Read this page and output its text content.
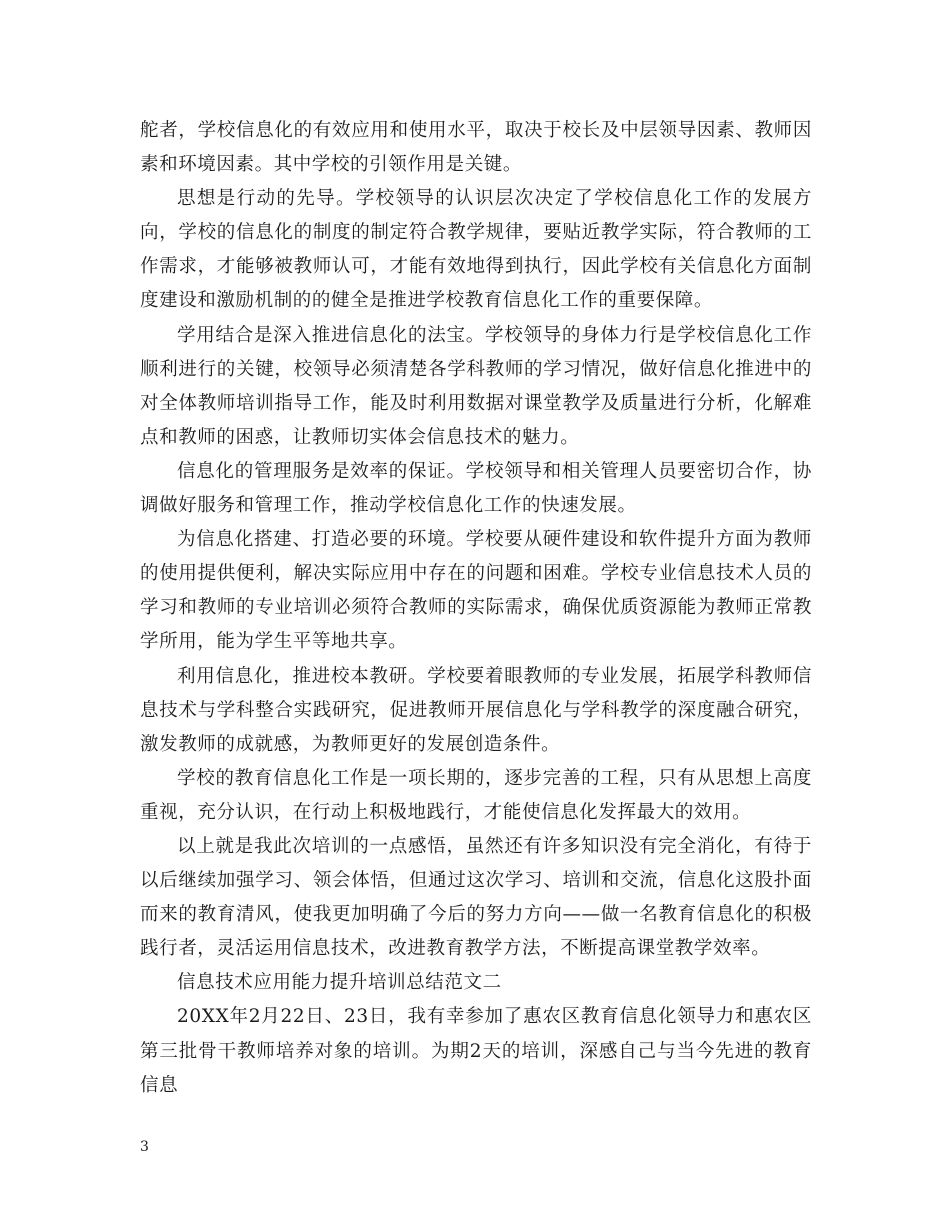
舵者，学校信息化的有效应用和使用水平，取决于校长及中层领导因素、教师因素和环境因素。其中学校的引领作用是关键。

思想是行动的先导。学校领导的认识层次决定了学校信息化工作的发展方向，学校的信息化的制度的制定符合教学规律，要贴近教学实际，符合教师的工作需求，才能够被教师认可，才能有效地得到执行，因此学校有关信息化方面制度建设和激励机制的的健全是推进学校教育信息化工作的重要保障。

学用结合是深入推进信息化的法宝。学校领导的身体力行是学校信息化工作顺利进行的关键，校领导必须清楚各学科教师的学习情况，做好信息化推进中的对全体教师培训指导工作，能及时利用数据对课堂教学及质量进行分析，化解难点和教师的困惑，让教师切实体会信息技术的魅力。

信息化的管理服务是效率的保证。学校领导和相关管理人员要密切合作，协调做好服务和管理工作，推动学校信息化工作的快速发展。

为信息化搭建、打造必要的环境。学校要从硬件建设和软件提升方面为教师的使用提供便利，解决实际应用中存在的问题和困难。学校专业信息技术人员的学习和教师的专业培训必须符合教师的实际需求，确保优质资源能为教师正常教学所用，能为学生平等地共享。

利用信息化，推进校本教研。学校要着眼教师的专业发展，拓展学科教师信息技术与学科整合实践研究，促进教师开展信息化与学科教学的深度融合研究，激发教师的成就感，为教师更好的发展创造条件。

学校的教育信息化工作是一项长期的，逐步完善的工程，只有从思想上高度重视，充分认识，在行动上积极地践行，才能使信息化发挥最大的效用。

以上就是我此次培训的一点感悟，虽然还有许多知识没有完全消化，有待于以后继续加强学习、领会体悟，但通过这次学习、培训和交流，信息化这股扑面而来的教育清风，使我更加明确了今后的努力方向——做一名教育信息化的积极践行者，灵活运用信息技术，改进教育教学方法，不断提高课堂教学效率。

信息技术应用能力提升培训总结范文二

20XX年2月22日、23日，我有幸参加了惠农区教育信息化领导力和惠农区第三批骨干教师培养对象的培训。为期2天的培训，深感自己与当今先进的教育信息

3
